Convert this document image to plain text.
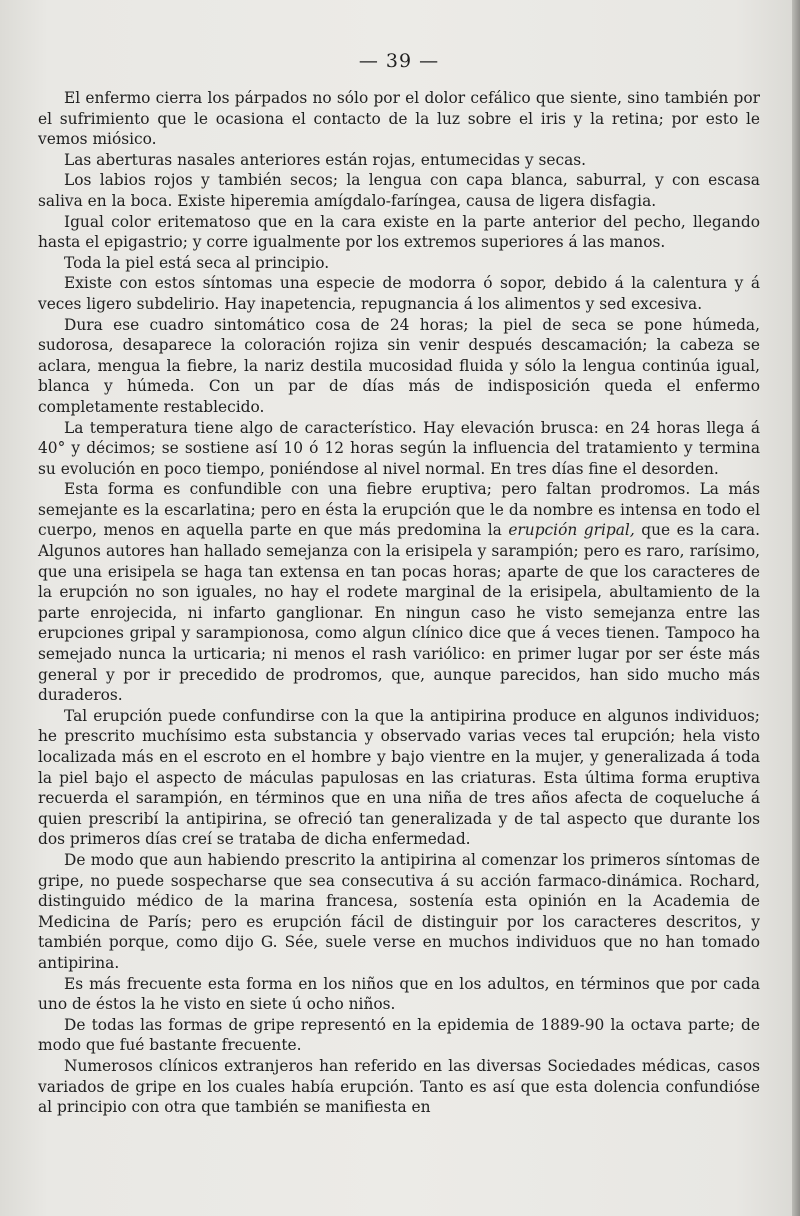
— 39 —

El enfermo cierra los párpados no sólo por el dolor cefálico que siente, sino también por el sufrimiento que le ocasiona el contacto de la luz sobre el iris y la retina; por esto le vemos miósico.

Las aberturas nasales anteriores están rojas, entumecidas y secas.

Los labios rojos y también secos; la lengua con capa blanca, saburral, y con escasa saliva en la boca. Existe hiperemia amígdalo-faríngea, causa de ligera disfagia.

Igual color eritematoso que en la cara existe en la parte anterior del pecho, llegando hasta el epigastrio; y corre igualmente por los extremos superiores á las manos.

Toda la piel está seca al principio.

Existe con estos síntomas una especie de modorra ó sopor, debido á la calentura y á veces ligero subdelirio. Hay inapetencia, repugnancia á los alimentos y sed excesiva.

Dura ese cuadro sintomático cosa de 24 horas; la piel de seca se pone húmeda, sudorosa, desaparece la coloración rojiza sin venir después descamación; la cabeza se aclara, mengua la fiebre, la nariz destila mucosidad fluida y sólo la lengua continúa igual, blanca y húmeda. Con un par de días más de indisposición queda el enfermo completamente restablecido.

La temperatura tiene algo de característico. Hay elevación brusca: en 24 horas llega á 40° y décimos; se sostiene así 10 ó 12 horas según la influencia del tratamiento y termina su evolución en poco tiempo, poniéndose al nivel normal. En tres días fine el desorden.

Esta forma es confundible con una fiebre eruptiva; pero faltan prodromos. La más semejante es la escarlatina; pero en ésta la erupción que le da nombre es intensa en todo el cuerpo, menos en aquella parte en que más predomina la erupción gripal, que es la cara. Algunos autores han hallado semejanza con la erisipela y sarampión; pero es raro, rarísimo, que una erisipela se haga tan extensa en tan pocas horas; aparte de que los caracteres de la erupción no son iguales, no hay el rodete marginal de la erisipela, abultamiento de la parte enrojecida, ni infarto ganglionar. En ningun caso he visto semejanza entre las erupciones gripal y sarampionosa, como algun clínico dice que á veces tienen. Tampoco ha semejado nunca la urticaria; ni menos el rash variólico: en primer lugar por ser éste más general y por ir precedido de prodromos, que, aunque parecidos, han sido mucho más duraderos.

Tal erupción puede confundirse con la que la antipirina produce en algunos individuos; he prescrito muchísimo esta substancia y observado varias veces tal erupción; hela visto localizada más en el escroto en el hombre y bajo vientre en la mujer, y generalizada á toda la piel bajo el aspecto de máculas papulosas en las criaturas. Esta última forma eruptiva recuerda el sarampión, en términos que en una niña de tres años afecta de coqueluche á quien prescribí la antipirina, se ofreció tan generalizada y de tal aspecto que durante los dos primeros días creí se trataba de dicha enfermedad.

De modo que aun habiendo prescrito la antipirina al comenzar los primeros síntomas de gripe, no puede sospecharse que sea consecutiva á su acción farmaco-dinámica. Rochard, distinguido médico de la marina francesa, sostenía esta opinión en la Academia de Medicina de París; pero es erupción fácil de distinguir por los caracteres descritos, y también porque, como dijo G. Sée, suele verse en muchos individuos que no han tomado antipirina.

Es más frecuente esta forma en los niños que en los adultos, en términos que por cada uno de éstos la he visto en siete ú ocho niños.

De todas las formas de gripe representó en la epidemia de 1889-90 la octava parte; de modo que fué bastante frecuente.

Numerosos clínicos extranjeros han referido en las diversas Sociedades médicas, casos variados de gripe en los cuales había erupción. Tanto es así que esta dolencia confundióse al principio con otra que también se manifiesta en
